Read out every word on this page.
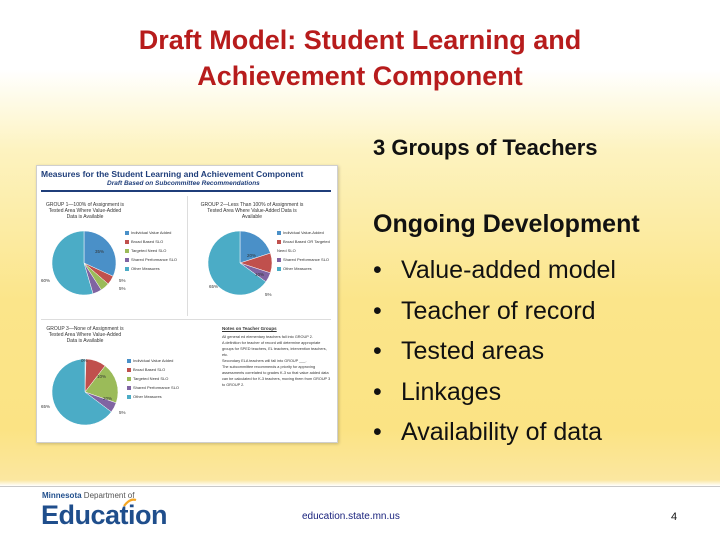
Draft Model: Student Learning and
Achievement Component
3 Groups of Teachers
Ongoing Development
• Value-added model
• Teacher of record
• Tested areas
• Linkages
• Availability of data
Measures for the Student Learning and Achievement Component
Draft Based on Subcommittee Recommendations
GROUP 1—100% of Assignment is Tested Area Where Value-Added Data is Available
Individual Value Added
Broad Based SLO
Targeted Need SLO
Shared Performance SLO
Other Measures
35%
5%
5%
60%
GROUP 2—Less Than 100% of Assignment is Tested Area Where Value-Added Data is Available
Individual Value-Added
Broad Based OR Targeted Need SLO
Shared Performance SLO
Other Measures
20%
10%
5%
65%
GROUP 3—None of Assignment is Tested Area Where Value-Added Data is Available
Individual Value Added
Broad Based SLO
Targeted Need SLO
Shared Performance SLO
Other Measures
0%
10%
20%
5%
65%
Notes on Teacher Groups
All general ed elementary teachers fall into GROUP 2.
A definition for teacher of record will determine appropriate groups for SPED teachers, EL teachers, intervention teachers, etc.
Secondary ELA teachers will fall into GROUP ___.
The subcommittee recommends a priority for approving assessments correlated to grades K-3 so that value added data can be calculated for K-3 teachers, moving them from GROUP 3 to GROUP 2.
Minnesota Department of
Education	education.state.mn.us	4
